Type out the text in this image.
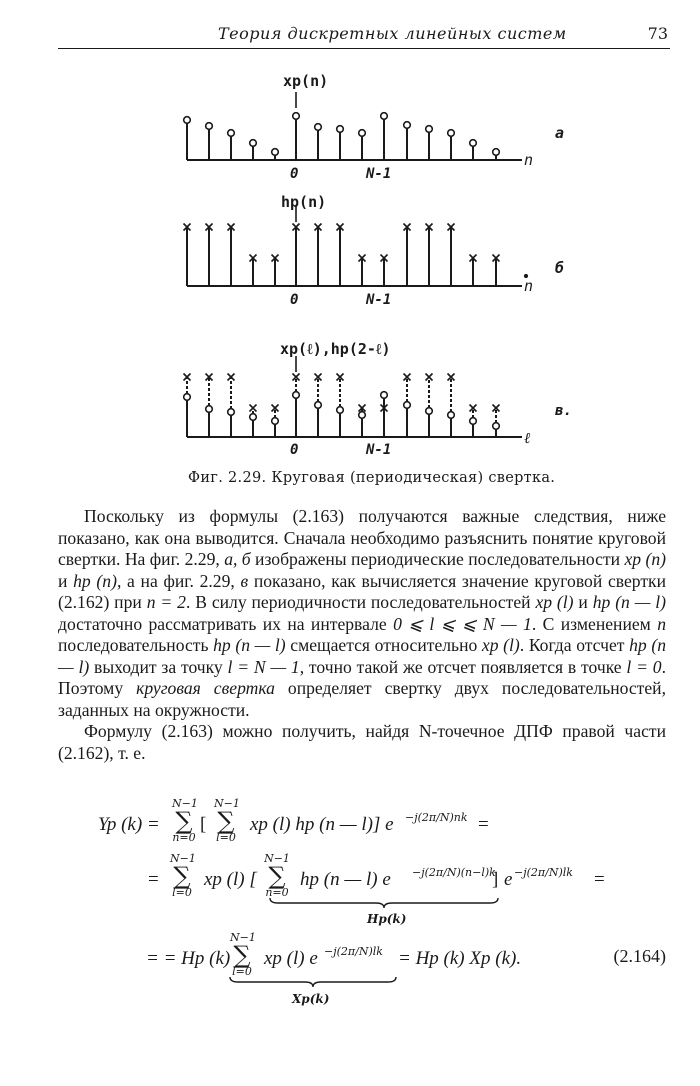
Теория дискретных линейных систем	73
xp(n)
0	N-1
n
а
hp(n)
0	N-1
n
б
xp(ℓ),hp(2-ℓ)
0	N-1
ℓ
в.
Фиг. 2.29. Круговая (периодическая) свертка.

Поскольку из формулы (2.163) получаются важные следствия, ниже показано, как она выводится. Сначала необходимо разъяснить понятие круговой свертки. На фиг. 2.29, а, б изображены периодические последовательности xp (n) и hp (n), а на фиг. 2.29, в показано, как вычисляется значение круговой свертки (2.162) при n = 2. В силу периодичности последовательностей xp (l) и hp (n — l) достаточно рассматривать их на интервале 0 ⩽ l ⩽ ⩽ N — 1. С изменением n последовательность hp (n — l) смещается относительно xp (l). Когда отсчет hp (n — l) выходит за точку l = N — 1, точно такой же отсчет появляется в точке l = 0. Поэтому круговая свертка определяет свертку двух последовательностей, заданных на окружности.

Формулу (2.163) можно получить, найдя N-точечное ДПФ правой части (2.162), т. е.

Yp (k) =
N−1
∑
n=0
[
N−1
∑
l=0
xp (l) hp (n — l)] e −j(2π/N)nk =
=
N−1
∑
l=0
xp (l) [
N−1
∑
n=0
hp (n — l) e −j(2π/N)(n−l)k
] e −j(2π/N)lk =
Hp(k)
= = Hp (k)
N−1
∑
l=0
xp (l) e −j(2π/N)lk = Hp (k) Xp (k).
Xp(k)
(2.164)
